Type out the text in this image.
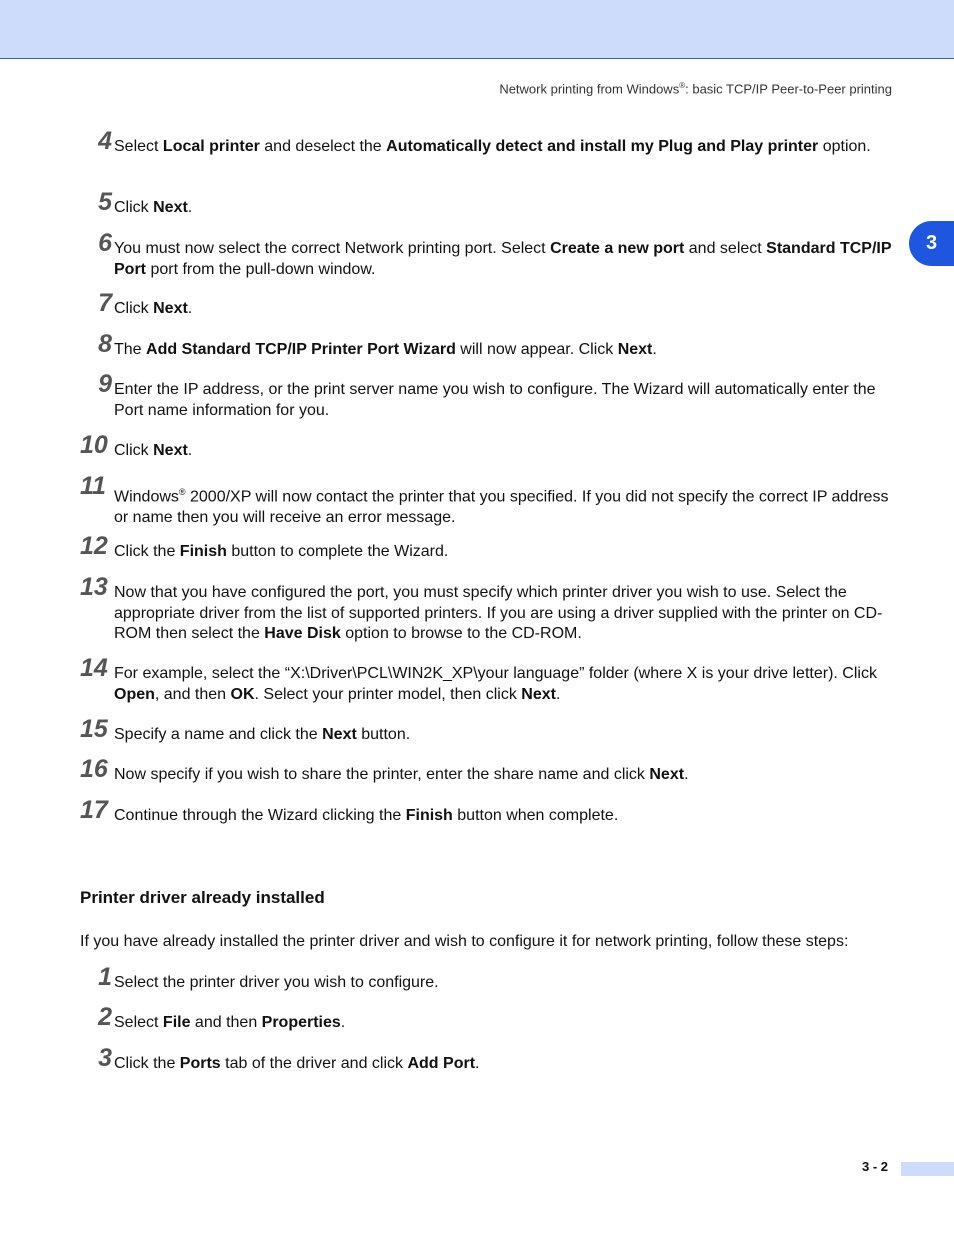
Network printing from Windows®: basic TCP/IP Peer-to-Peer printing
3
4 Select Local printer and deselect the Automatically detect and install my Plug and Play printer option.
5 Click Next.
6 You must now select the correct Network printing port. Select Create a new port and select Standard TCP/IP Port port from the pull-down window.
7 Click Next.
8 The Add Standard TCP/IP Printer Port Wizard will now appear. Click Next.
9 Enter the IP address, or the print server name you wish to configure. The Wizard will automatically enter the Port name information for you.
10 Click Next.
11 Windows® 2000/XP will now contact the printer that you specified. If you did not specify the correct IP address or name then you will receive an error message.
12 Click the Finish button to complete the Wizard.
13 Now that you have configured the port, you must specify which printer driver you wish to use. Select the appropriate driver from the list of supported printers. If you are using a driver supplied with the printer on CD-ROM then select the Have Disk option to browse to the CD-ROM.
14 For example, select the “X:\Driver\PCL\WIN2K_XP\your language” folder (where X is your drive letter). Click Open, and then OK. Select your printer model, then click Next.
15 Specify a name and click the Next button.
16 Now specify if you wish to share the printer, enter the share name and click Next.
17 Continue through the Wizard clicking the Finish button when complete.
Printer driver already installed
If you have already installed the printer driver and wish to configure it for network printing, follow these steps:
1 Select the printer driver you wish to configure.
2 Select File and then Properties.
3 Click the Ports tab of the driver and click Add Port.
3 - 2
